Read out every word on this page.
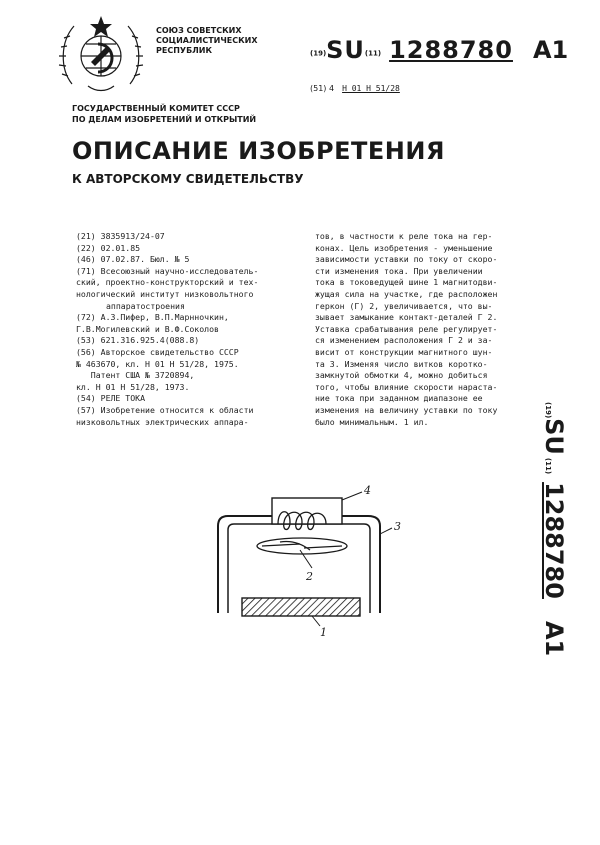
СОЮЗ СОВЕТСКИХ
СОЦИАЛИСТИЧЕСКИХ
РЕСПУБЛИК	(19)SU(11) 1288780 A1
(51) 4 H 01 H 51/28
ГОСУДАРСТВЕННЫЙ КОМИТЕТ СССР
ПО ДЕЛАМ ИЗОБРЕТЕНИЙ И ОТКРЫТИЙ
ОПИСАНИЕ ИЗОБРЕТЕНИЯ
К АВТОРСКОМУ СВИДЕТЕЛЬСТВУ
(21) 3835913/24-07
(22) 02.01.85
(46) 07.02.87. Бюл. № 5
(71) Всесоюзный научно-исследователь-
ский, проектно-конструкторский и тех-
нологический институт низковольтного
аппаратостроения
(72) А.З.Пифер, В.П.Марнночкин,
Г.В.Могилевский и В.Ф.Соколов
(53) 621.316.925.4(088.8)
(56) Авторское свидетельство СССР
№ 463670, кл. H 01 H 51/28, 1975.
Патент США № 3720894,
кл. H 01 H 51/28, 1973.
(54) РЕЛЕ ТОКА
(57) Изобретение относится к области
низковольтных электрических аппара-
тов, в частности к реле тока на гер-
конах. Цель изобретения - уменьшение
зависимости уставки по току от скоро-
сти изменения тока. При увеличении
тока в токоведущей шине 1 магнитодви-
жущая сила на участке, где расположен
геркон (Г) 2, увеличивается, что вы-
зывает замыкание контакт-деталей Г 2.
Уставка срабатывания реле регулирует-
ся изменением расположения Г 2 и за-
висит от конструкции магнитного шун-
та 3. Изменяя число витков коротко-
замкнутой обмотки 4, можно добиться
того, чтобы влияние скорости нараста-
ние тока при заданном диапазоне ее
изменения на величину уставки по току
было минимальным. 1 ил.
(19)SU(11)1288780A1
4
2
3
1
